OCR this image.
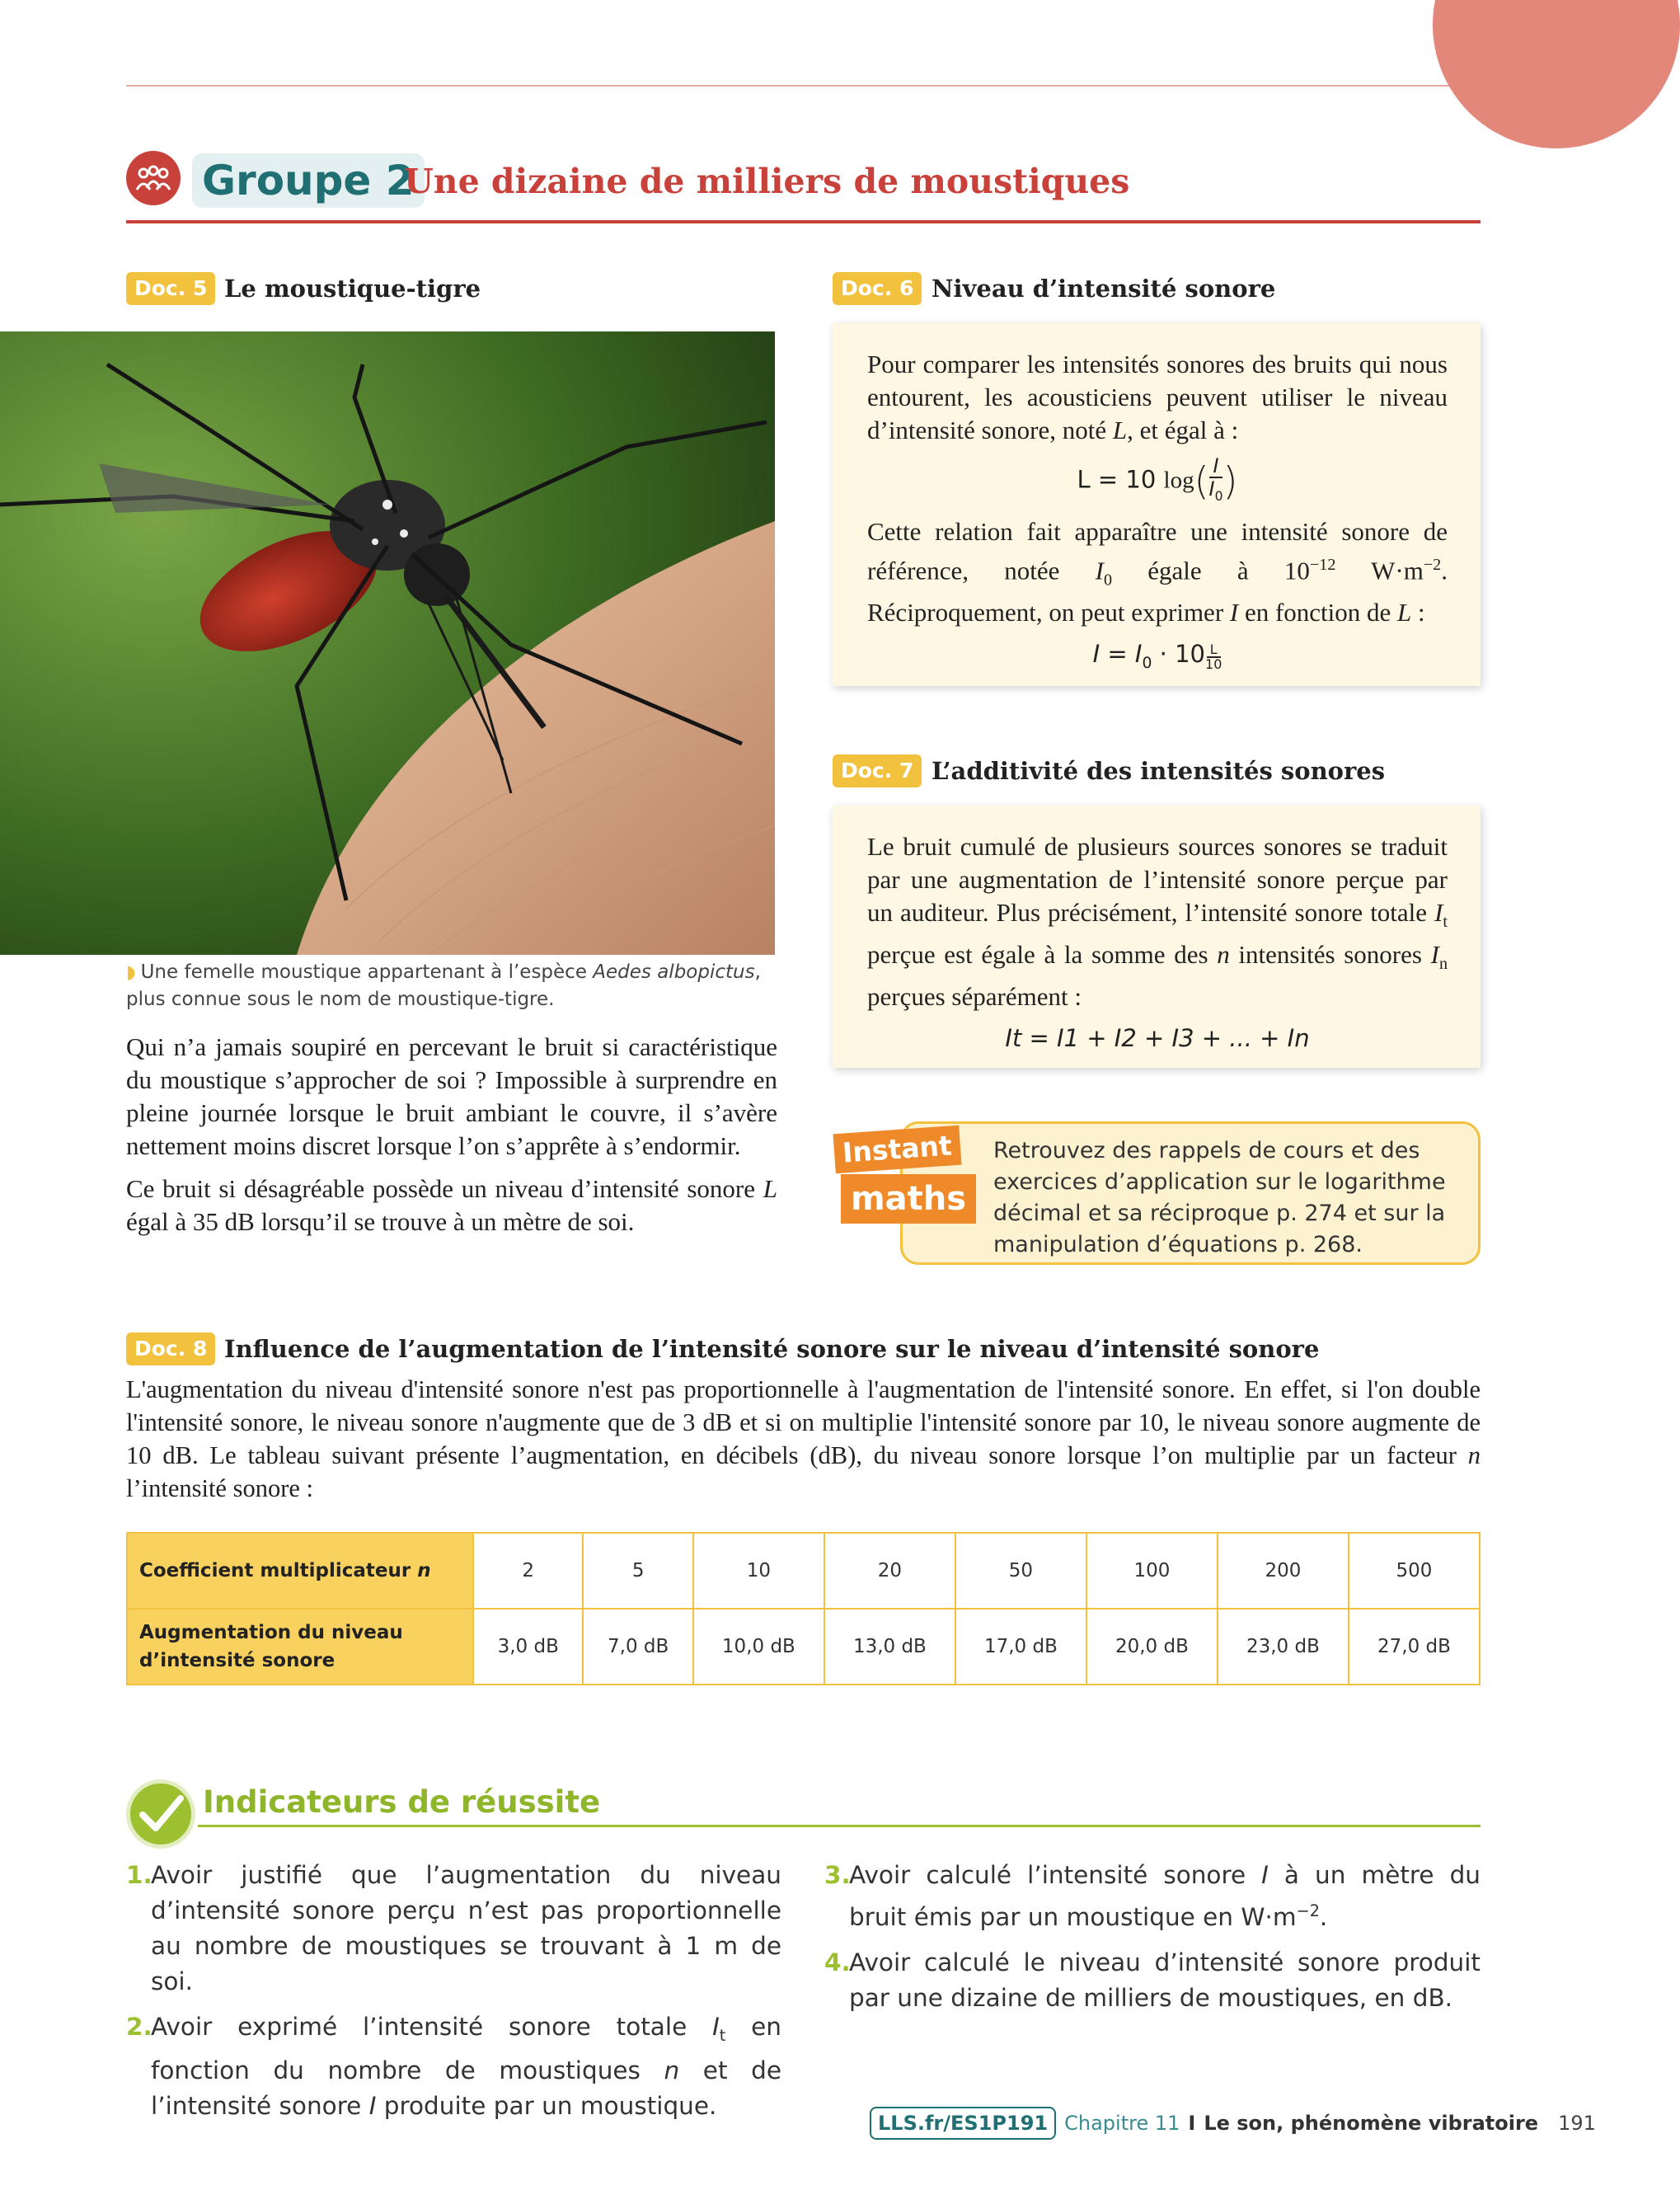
Groupe 2
Une dizaine de milliers de moustiques
Doc. 5 Le moustique-tigre
◗ Une femelle moustique appartenant à l’espèce Aedes albopictus, plus connue sous le nom de moustique-tigre.

Qui n’a jamais soupiré en percevant le bruit si caractéristique du moustique s’approcher de soi ? Impossible à surprendre en pleine journée lorsque le bruit ambiant le couvre, il s’avère nettement moins discret lorsque l’on s’apprête à s’endormir.

Ce bruit si désagréable possède un niveau d’intensité sonore L égal à 35 dB lorsqu’il se trouve à un mètre de soi.

Doc. 6 Niveau d’intensité sonore

Pour comparer les intensités sonores des bruits qui nous entourent, les acousticiens peuvent utiliser le niveau d’intensité sonore, noté L, et égal à :

L = 10 $\log( \frac{I}{I_0}$ )

Cette relation fait apparaître une intensité sonore de référence, notée $I_0$ égale à $10^{-12}$ $W\cdot m^{-2}$. Réciproquement, on peut exprimer I en fonction de L :

$I = I_0 \cdot 10 \frac{L}{10}$
Doc. 7 L’additivité des intensités sonores

Le bruit cumulé de plusieurs sources sonores se traduit par une augmentation de l’intensité sonore perçue par un auditeur. Plus précisément, l’intensité sonore totale $I_t$ perçue est égale à la somme des n intensités sonores $I_n$ perçues séparément :

It = I1 + I2 + I3 + ... + In
Retrouvez des rappels de cours et des exercices d’application sur le logarithme décimal et sa réciproque p. 274 et sur la manipulation d’équations p. 268.
Instant
maths
Doc. 8 Influence de l’augmentation de l’intensité sonore sur le niveau d’intensité sonore
L'augmentation du niveau d'intensité sonore n'est pas proportionnelle à l'augmentation de l'intensité sonore. En effet, si l'on double l'intensité sonore, le niveau sonore n'augmente que de 3 dB et si on multiplie l'intensité sonore par 10, le niveau sonore augmente de 10 dB. Le tableau suivant présente l’augmentation, en décibels (dB), du niveau sonore lorsque l’on multiplie par un facteur n l’intensité sonore :
Coefficient multiplicateur n	2	5	10	20	50	100	200	500
Augmentation du niveau
d’intensité sonore	3,0 dB	7,0 dB	10,0 dB	13,0 dB	17,0 dB	20,0 dB	23,0 dB	27,0 dB
Indicateurs de réussite
1.
Avoir justifié que l’augmentation du niveau d’intensité sonore perçu n’est pas proportionnelle au nombre de moustiques se trouvant à 1 m de soi.
2.
Avoir exprimé l’intensité sonore totale $I_t$ en fonction du nombre de moustiques n et de l’intensité sonore I produite par un moustique.
3.
Avoir calculé l’intensité sonore I à un mètre du bruit émis par un moustique en $W\cdot m^{-2}$.
4.
Avoir calculé le niveau d’intensité sonore produit par une dizaine de milliers de moustiques, en dB.
LLS.fr/ES1P191 Chapitre 11 I Le son, phénomène vibratoire 191
